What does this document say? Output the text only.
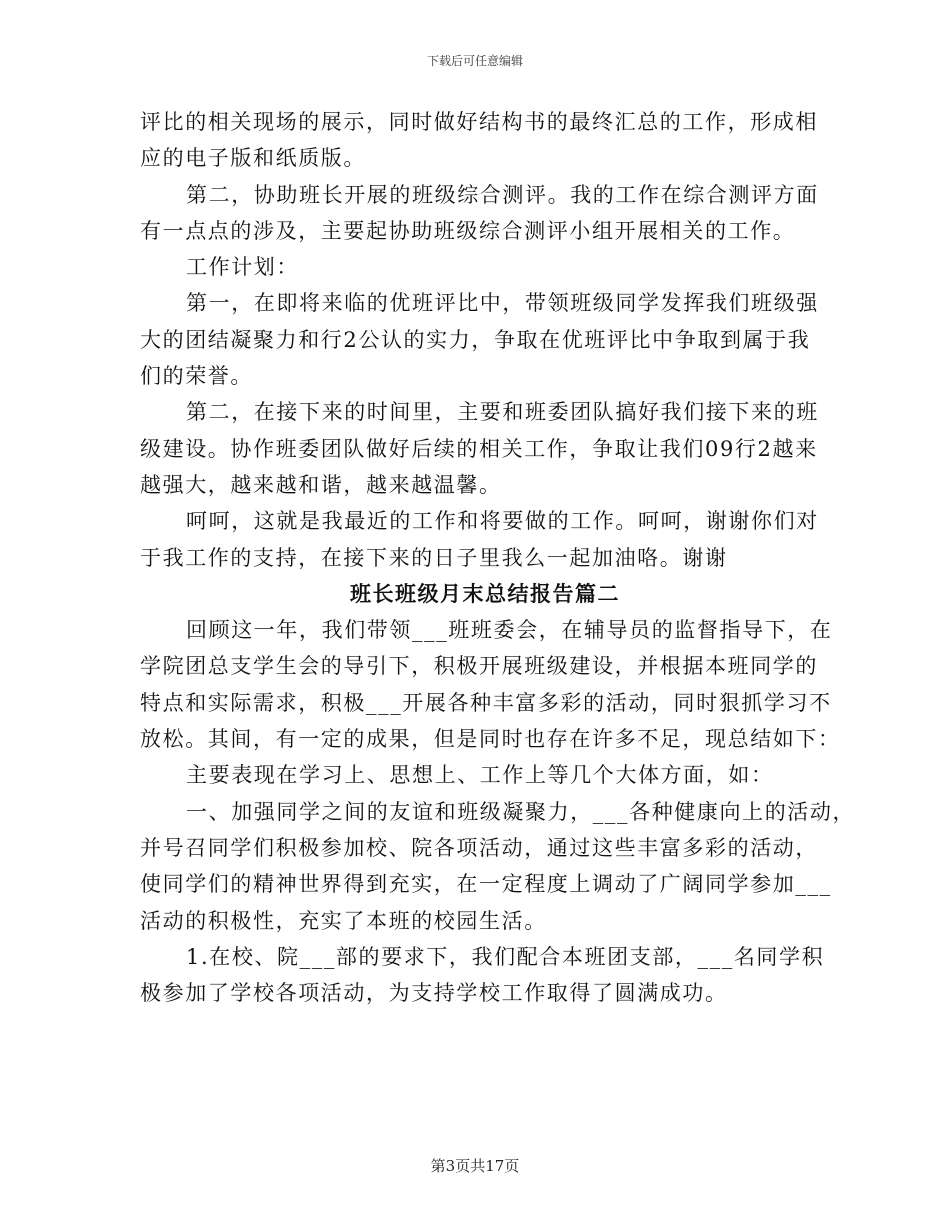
下载后可任意编辑
评比的相关现场的展示，同时做好结构书的最终汇总的工作，形成相
应的电子版和纸质版。
第二，协助班长开展的班级综合测评。我的工作在综合测评方面
有一点点的涉及，主要起协助班级综合测评小组开展相关的工作。
工作计划：
第一，在即将来临的优班评比中，带领班级同学发挥我们班级强
大的团结凝聚力和行2公认的实力，争取在优班评比中争取到属于我
们的荣誉。
第二，在接下来的时间里，主要和班委团队搞好我们接下来的班
级建设。协作班委团队做好后续的相关工作，争取让我们09行2越来
越强大，越来越和谐，越来越温馨。
呵呵，这就是我最近的工作和将要做的工作。呵呵，谢谢你们对
于我工作的支持，在接下来的日子里我么一起加油咯。谢谢
班长班级月末总结报告篇二
回顾这一年，我们带领___班班委会，在辅导员的监督指导下，在
学院团总支学生会的导引下，积极开展班级建设，并根据本班同学的
特点和实际需求，积极___开展各种丰富多彩的活动，同时狠抓学习不
放松。其间，有一定的成果，但是同时也存在许多不足，现总结如下：
主要表现在学习上、思想上、工作上等几个大体方面，如：
一、加强同学之间的友谊和班级凝聚力，___各种健康向上的活动，
并号召同学们积极参加校、院各项活动，通过这些丰富多彩的活动，
使同学们的精神世界得到充实，在一定程度上调动了广阔同学参加___
活动的积极性，充实了本班的校园生活。
1.在校、院___部的要求下，我们配合本班团支部，___名同学积
极参加了学校各项活动，为支持学校工作取得了圆满成功。
第3页共17页
